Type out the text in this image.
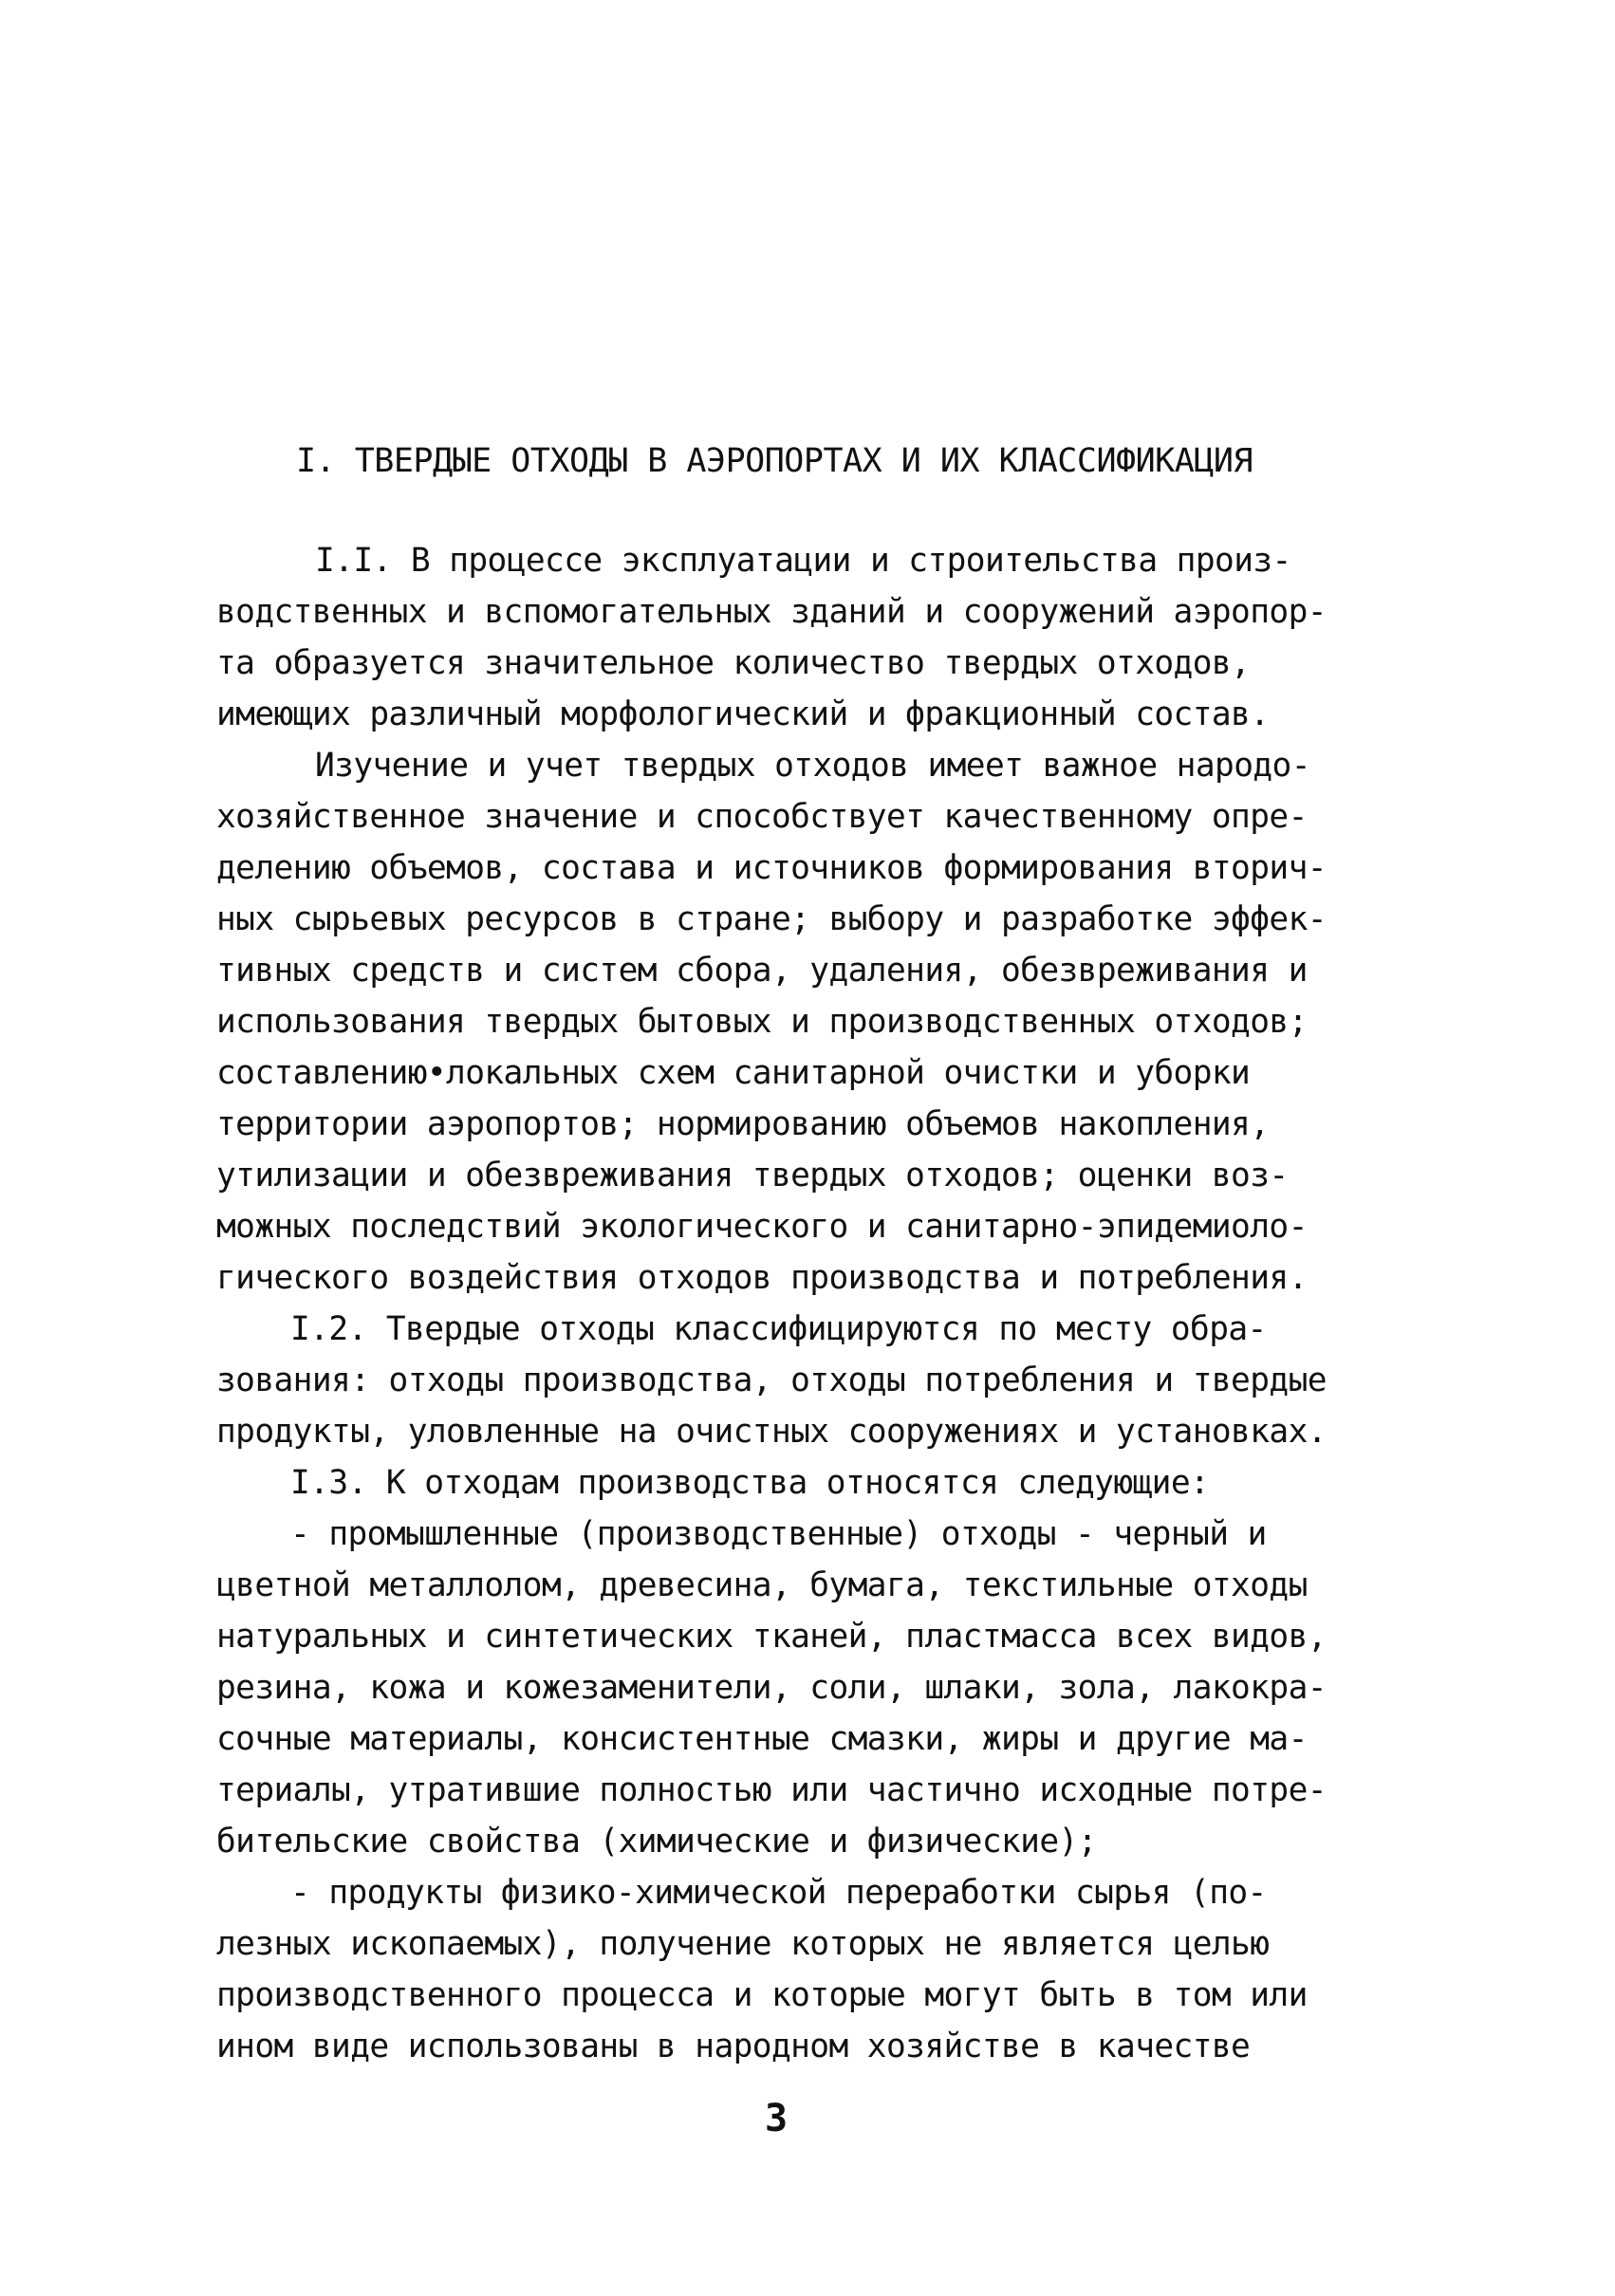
I. ТВЕРДЫЕ ОТХОДЫ В АЭРОПОРТАХ И ИХ КЛАССИФИКАЦИЯ
I.I. В процессе эксплуатации и строительства произ-
водственных и вспомогательных зданий и сооружений аэропор-
та образуется значительное количество твердых отходов,
имеющих различный морфологический и фракционный состав.
Изучение и учет твердых отходов имеет важное народо-
хозяйственное значение и способствует качественному опре-
делению объемов, состава и источников формирования вторич-
ных сырьевых ресурсов в стране; выбору и разработке эффек-
тивных средств и систем сбора, удаления, обезвреживания и
использования твердых бытовых и производственных отходов;
составлению•локальных схем санитарной очистки и уборки
территории аэропортов; нормированию объемов накопления,
утилизации и обезвреживания твердых отходов; оценки воз-
можных последствий экологического и санитарно-эпидемиоло-
гического воздействия отходов производства и потребления.
I.2. Твердые отходы классифицируются по месту обра-
зования: отходы производства, отходы потребления и твердые
продукты, уловленные на очистных сооружениях и установках.
I.3. К отходам производства относятся следующие:
- промышленные (производственные) отходы - черный и
цветной металлолом, древесина, бумага, текстильные отходы
натуральных и синтетических тканей, пластмасса всех видов,
резина, кожа и кожезаменители, соли, шлаки, зола, лакокра-
сочные материалы, консистентные смазки, жиры и другие ма-
териалы, утратившие полностью или частично исходные потре-
бительские свойства (химические и физические);
- продукты физико-химической переработки сырья (по-
лезных ископаемых), получение которых не является целью
производственного процесса и которые могут быть в том или
ином виде использованы в народном хозяйстве в качестве
3
